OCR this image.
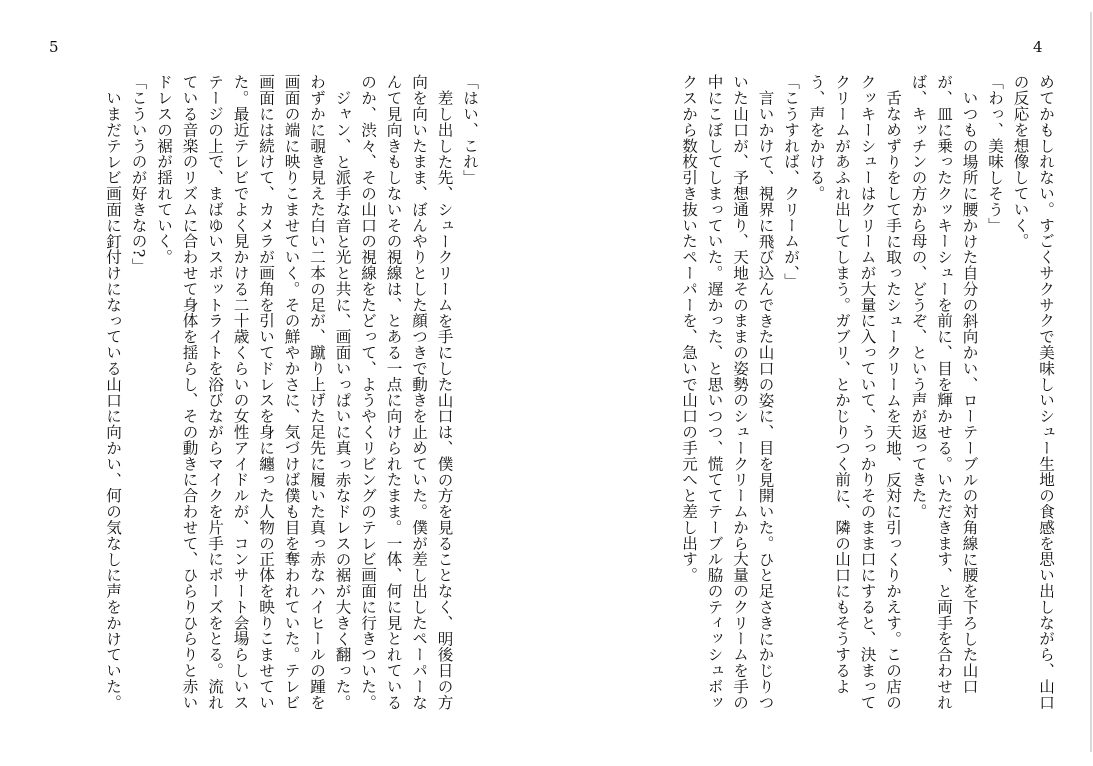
5

「はい、これ」

差し出した先、シュークリームを手にした山口は、僕の方を見ることなく、明後日の方向を向いたまま、ぼんやりとした顔つきで動きを止めていた。僕が差し出したペーパーなんて見向きもしないその視線は、とある一点に向けられたまま。一体、何に見とれているのか、渋々、その山口の視線をたどって、ようやくリビングのテレビ画面に行きついた。

ジャン、と派手な音と光と共に、画面いっぱいに真っ赤なドレスの裾が大きく翻った。わずかに覗き見えた白い二本の足が、蹴り上げた足先に履いた真っ赤なハイヒールの踵を画面の端に映りこませていく。その鮮やかさに、気づけば僕も目を奪われていた。テレビ画面には続けて、カメラが画角を引いてドレスを身に纏った人物の正体を映りこませていた。最近テレビでよく見かける二十歳くらいの女性アイドルが、コンサート会場らしいステージの上で、まばゆいスポットライトを浴びながらマイクを片手にポーズをとる。流れている音楽のリズムに合わせて身体を揺らし、その動きに合わせて、ひらりひらりと赤いドレスの裾が揺れていく。

「こういうのが好きなの?」

いまだテレビ画面に釘付けになっている山口に向かい、何の気なしに声をかけていた。

4

めてかもしれない。すごくサクサクで美味しいシュー生地の食感を思い出しながら、山口の反応を想像していく。

「わっ、美味しそう」

いつもの場所に腰かけた自分の斜向かい、ローテーブルの対角線に腰を下ろした山口が、皿に乗ったクッキーシューを前に、目を輝かせる。いただきます、と両手を合わせれば、キッチンの方から母の、どうぞ、という声が返ってきた。

舌なめずりをして手に取ったシュークリームを天地、反対に引っくりかえす。この店のクッキーシューはクリームが大量に入っていて、うっかりそのまま口にすると、決まってクリームがあふれ出してしまう。ガブリ、とかじりつく前に、隣の山口にもそうするよう、声をかける。

「こうすれば、クリームが、」

言いかけて、視界に飛び込んできた山口の姿に、目を見開いた。ひと足さきにかじりついた山口が、予想通り、天地そのままの姿勢のシュークリームから大量のクリームを手の中にこぼしてしまっていた。遅かった、と思いつつ、慌ててテーブル脇のティッシュボックスから数枚引き抜いたペーパーを、急いで山口の手元へと差し出す。
